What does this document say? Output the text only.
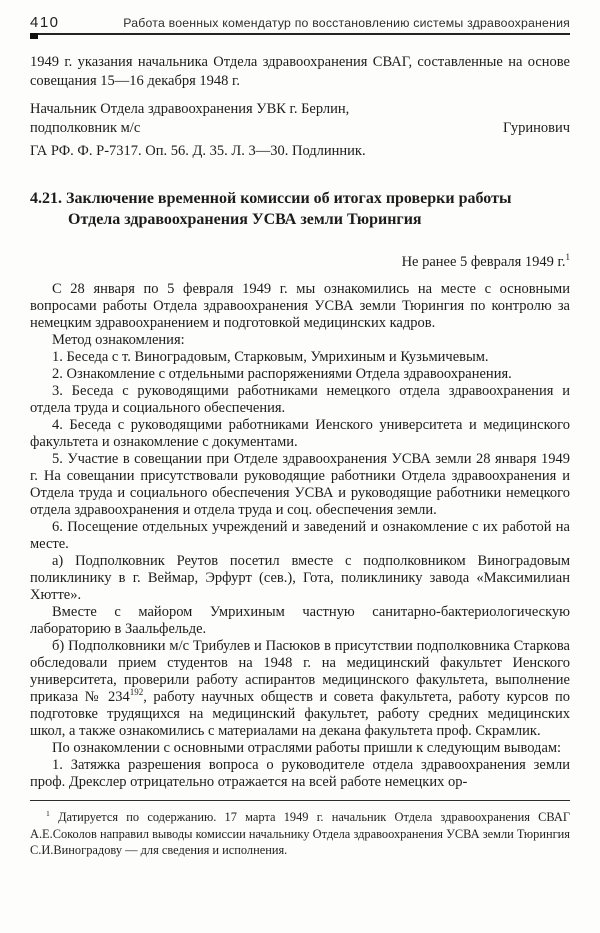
410	Работа военных комендатур по восстановлению системы здравоохранения

1949 г. указания начальника Отдела здравоохранения СВАГ, составленные на основе совещания 15—16 декабря 1948 г.

Начальник Отдела здравоохранения УВК г. Берлин,
подполковник м/с	Гуринович

ГА РФ. Ф. Р-7317. Оп. 56. Д. 35. Л. 3—30. Подлинник.

4.21. Заключение временной комиссии об итогах проверки работы
Отдела здравоохранения УСВА земли Тюрингия

Не ранее 5 февраля 1949 г.$^1$

С 28 января по 5 февраля 1949 г. мы ознакомились на месте с основными вопросами работы Отдела здравоохранения УСВА земли Тюрингия по контролю за немецким здравоохранением и подготовкой медицинских кадров.

Метод ознакомления:

1. Беседа с т. Виноградовым, Старковым, Умрихиным и Кузьмичевым.

2. Ознакомление с отдельными распоряжениями Отдела здравоохранения.

3. Беседа с руководящими работниками немецкого отдела здравоохранения и отдела труда и социального обеспечения.

4. Беседа с руководящими работниками Иенского университета и медицинского факультета и ознакомление с документами.

5. Участие в совещании при Отделе здравоохранения УСВА земли 28 января 1949 г. На совещании присутствовали руководящие работники Отдела здравоохранения и Отдела труда и социального обеспечения УСВА и руководящие работники немецкого отдела здравоохранения и отдела труда и соц. обеспечения земли.

6. Посещение отдельных учреждений и заведений и ознакомление с их работой на месте.

а) Подполковник Реутов посетил вместе с подполковником Виноградовым поликлинику в г. Веймар, Эрфурт (сев.), Гота, поликлинику завода «Максимилиан Хютте».

Вместе с майором Умрихиным частную санитарно-бактериологическую лабораторию в Заальфельде.

б) Подполковники м/с Трибулев и Пасюков в присутствии подполковника Старкова обследовали прием студентов на 1948 г. на медицинский факультет Иенского университета, проверили работу аспирантов медицинского факультета, выполнение приказа № $234^{192}$, работу научных обществ и совета факультета, работу курсов по подготовке трудящихся на медицинский факультет, работу средних медицинских школ, а также ознакомились с материалами на декана факультета проф. Скрамлик.

По ознакомлении с основными отраслями работы пришли к следующим выводам:

1. Затяжка разрешения вопроса о руководителе отдела здравоохранения земли проф. Дрекслер отрицательно отражается на всей работе немецких ор-

$^1$ Датируется по содержанию. 17 марта 1949 г. начальник Отдела здравоохранения СВАГ А.Е.Соколов направил выводы комиссии начальнику Отдела здравоохранения УСВА земли Тюрингия С.И.Виноградову — для сведения и исполнения.
